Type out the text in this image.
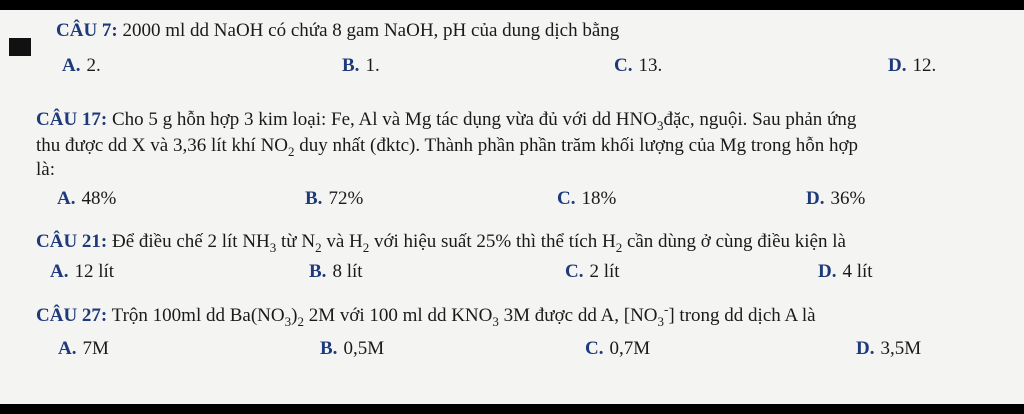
CÂU 7: 2000 ml dd NaOH có chứa 8 gam NaOH, pH của dung dịch bằng
A. 2.	B. 1.	C. 13.	D. 12.
CÂU 17: Cho 5 g hỗn hợp 3 kim loại: Fe, Al và Mg tác dụng vừa đủ với dd $HNO_3đặc$, nguội. Sau phản ứng
thu được dd X và 3,36 lít khí $NO_2$ duy nhất (đktc). Thành phần phần trăm khối lượng của Mg trong hỗn hợp
là:
A. 48%	B. 72%	C. 18%	D. 36%
CÂU 21: Để điều chế 2 lít $NH_3$ từ $N_2$ và $H_2$ với hiệu suất 25% thì thể tích $H_2$ cần dùng ở cùng điều kiện là
A. 12 lít	B. 8 lít	C. 2 lít	D. 4 lít
CÂU 27: Trộn 100ml dd $Ba(NO_3)_2$ 2M với 100 ml dd $KNO_3$ 3M được dd A, $[NO_3^-]$ trong dd dịch A là
A. 7M	B. 0,5M	C. 0,7M	D. 3,5M
